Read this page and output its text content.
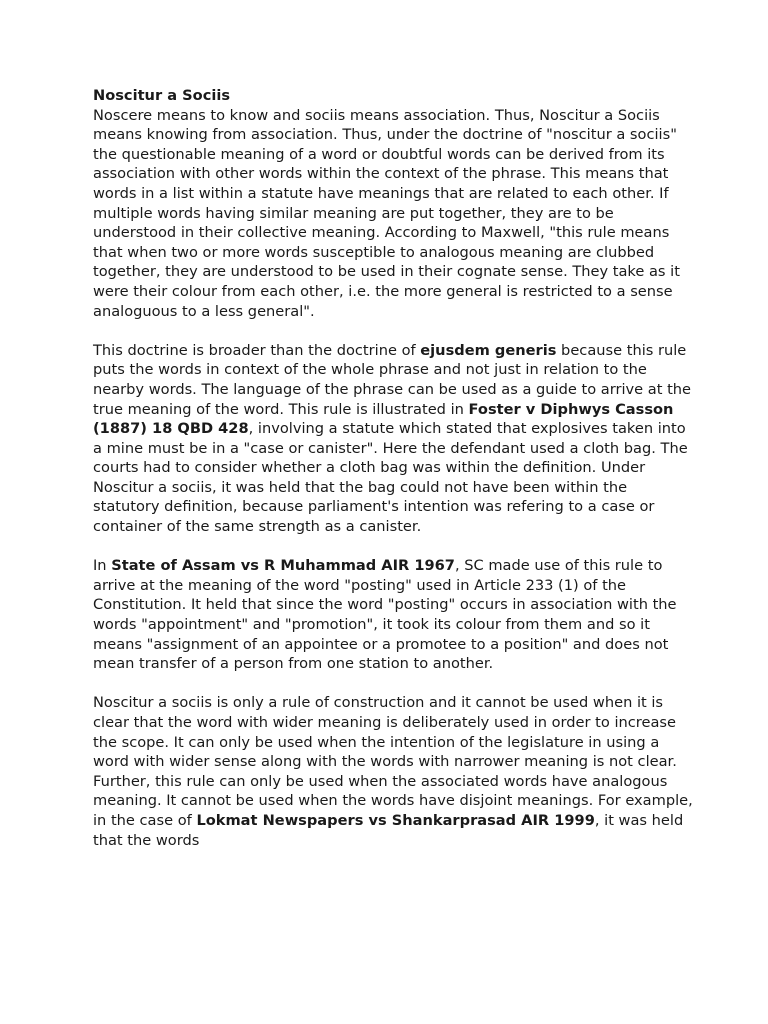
Noscitur a Sociis
Noscere means to know and sociis means association. Thus, Noscitur a Sociis means knowing from association. Thus, under the doctrine of "noscitur a sociis" the questionable meaning of a word or doubtful words can be derived from its association with other words within the context of the phrase. This means that words in a list within a statute have meanings that are related to each other. If multiple words having similar meaning are put together, they are to be understood in their collective meaning. According to Maxwell, "this rule means that when two or more words susceptible to analogous meaning are clubbed together, they are understood to be used in their cognate sense. They take as it were their colour from each other, i.e. the more general is restricted to a sense analoguous to a less general".

This doctrine is broader than the doctrine of ejusdem generis because this rule puts the words in context of the whole phrase and not just in relation to the nearby words. The language of the phrase can be used as a guide to arrive at the true meaning of the word. This rule is illustrated in Foster v Diphwys Casson (1887) 18 QBD 428, involving a statute which stated that explosives taken into a mine must be in a "case or canister". Here the defendant used a cloth bag. The courts had to consider whether a cloth bag was within the definition. Under Noscitur a sociis, it was held that the bag could not have been within the statutory definition, because parliament's intention was refering to a case or container of the same strength as a canister.

In State of Assam vs R Muhammad AIR 1967, SC made use of this rule to arrive at the meaning of the word "posting" used in Article 233 (1) of the Constitution. It held that since the word "posting" occurs in association with the words "appointment" and "promotion", it took its colour from them and so it means "assignment of an appointee or a promotee to a position" and does not mean transfer of a person from one station to another.

Noscitur a sociis is only a rule of construction and it cannot be used when it is clear that the word with wider meaning is deliberately used in order to increase the scope. It can only be used when the intention of the legislature in using a word with wider sense along with the words with narrower meaning is not clear. Further, this rule can only be used when the associated words have analogous meaning. It cannot be used when the words have disjoint meanings. For example, in the case of Lokmat Newspapers vs Shankarprasad AIR 1999, it was held that the words
